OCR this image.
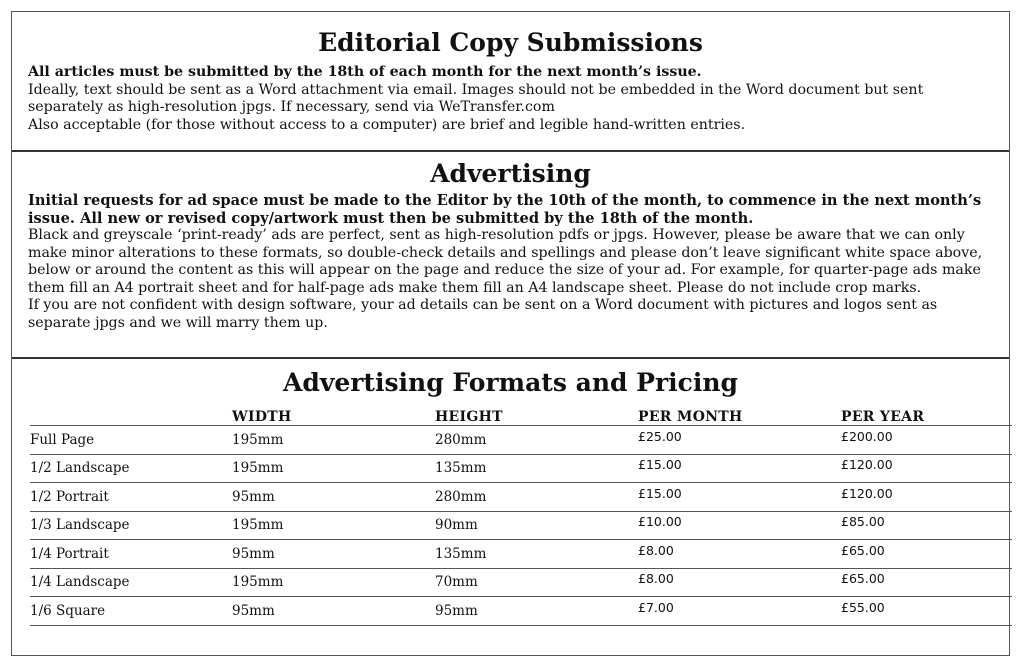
Editorial Copy Submissions
All articles must be submitted by the 18th of each month for the next month’s issue.
Ideally, text should be sent as a Word attachment via email. Images should not be embedded in the Word document but sent separately as high-resolution jpgs. If necessary, send via WeTransfer.com
Also acceptable (for those without access to a computer) are brief and legible hand-written entries.
Advertising
Initial requests for ad space must be made to the Editor by the 10th of the month, to commence in the next month’s issue. All new or revised copy/artwork must then be submitted by the 18th of the month.
Black and greyscale ‘print-ready’ ads are perfect, sent as high-resolution pdfs or jpgs. However, please be aware that we can only make minor alterations to these formats, so double-check details and spellings and please don’t leave significant white space above, below or around the content as this will appear on the page and reduce the size of your ad. For example, for quarter-page ads make them fill an A4 portrait sheet and for half-page ads make them fill an A4 landscape sheet. Please do not include crop marks.
If you are not confident with design software, your ad details can be sent on a Word document with pictures and logos sent as separate jpgs and we will marry them up.
Advertising Formats and Pricing
	WIDTH	HEIGHT	PER MONTH	PER YEAR
Full Page	195mm	280mm	£25.00	£200.00
1/2 Landscape	195mm	135mm	£15.00	£120.00
1/2 Portrait	95mm	280mm	£15.00	£120.00
1/3 Landscape	195mm	90mm	£10.00	£85.00
1/4 Portrait	95mm	135mm	£8.00	£65.00
1/4 Landscape	195mm	70mm	£8.00	£65.00
1/6 Square	95mm	95mm	£7.00	£55.00
